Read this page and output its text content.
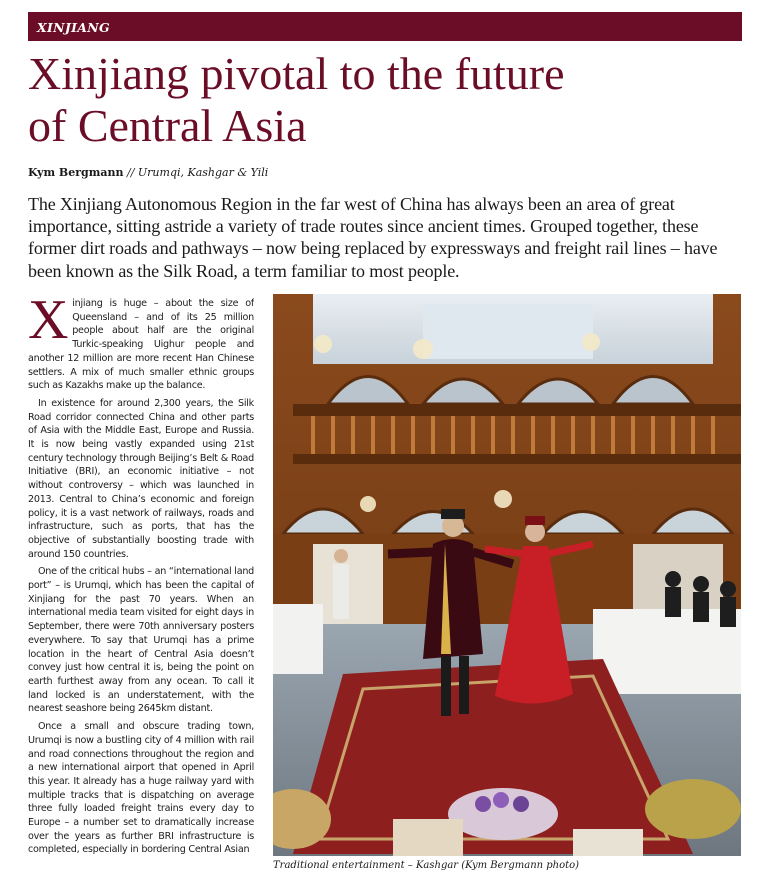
XINJIANG
Xinjiang pivotal to the future
of Central Asia
Kym Bergmann // Urumqi, Kashgar & Yili

The Xinjiang Autonomous Region in the far west of China has always been an area of great importance, sitting astride a variety of trade routes since ancient times. Grouped together, these former dirt roads and pathways – now being replaced by expressways and freight rail lines – have been known as the Silk Road, a term familiar to most people.

Xinjiang is huge – about the size of Queensland – and of its 25 million people about half are the original Turkic-speaking Uighur people and another 12 million are more recent Han Chinese settlers. A mix of much smaller ethnic groups such as Kazakhs make up the balance.

In existence for around 2,300 years, the Silk Road corridor connected China and other parts of Asia with the Middle East, Europe and Russia. It is now being vastly expanded using 21st century technology through Beijing’s Belt & Road Initiative (BRI), an economic initiative – not without controversy – which was launched in 2013. Central to China’s economic and foreign policy, it is a vast network of railways, roads and infrastructure, such as ports, that has the objective of substantially boosting trade with around 150 countries.

One of the critical hubs – an “international land port” – is Urumqi, which has been the capital of Xinjiang for the past 70 years. When an international media team visited for eight days in September, there were 70th anniversary posters everywhere. To say that Urumqi has a prime location in the heart of Central Asia doesn’t convey just how central it is, being the point on earth furthest away from any ocean. To call it land locked is an understatement, with the nearest seashore being 2645km distant.

Once a small and obscure trading town, Urumqi is now a bustling city of 4 million with rail and road connections throughout the region and a new international airport that opened in April this year. It already has a huge railway yard with multiple tracks that is dispatching on average three fully loaded freight trains every day to Europe – a number set to dramatically increase over the years as further BRI infrastructure is completed, especially in bordering Central Asian

Traditional entertainment – Kashgar (Kym Bergmann photo)
